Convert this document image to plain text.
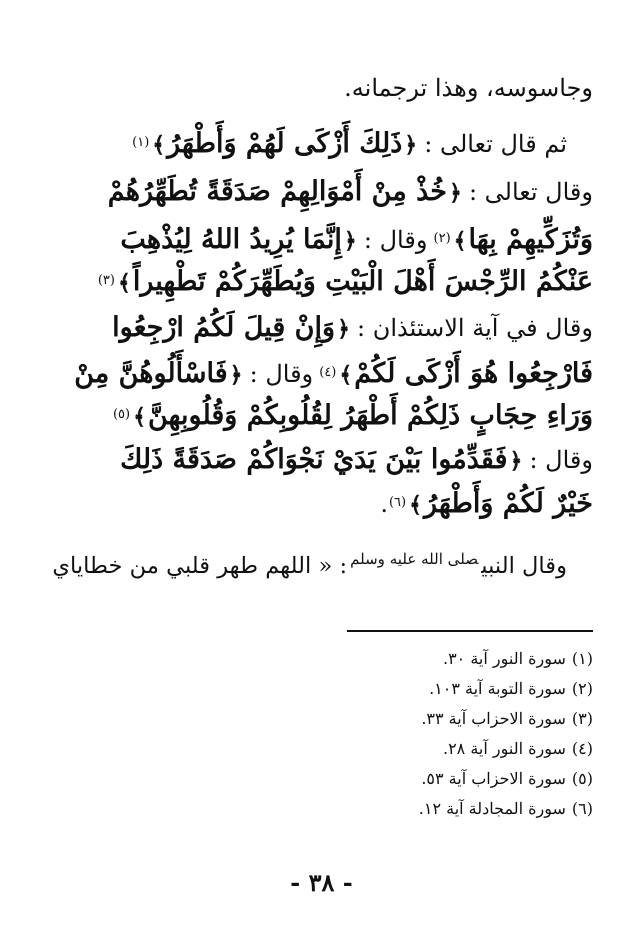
وجاسوسه، وهذا ترجمانه.
ثم قال تعالى : ﴿ذَلِكَ أَزْكَى لَهُمْ وَأَطْهَرُ﴾$^{(١)}$
وقال تعالى : ﴿خُذْ مِنْ أَمْوَالِهِمْ صَدَقَةً تُطَهِّرُهُمْ
وَتُزَكِّيهِمْ بِهَا﴾$^{(٢)}$ وقال : ﴿إِنَّمَا يُرِيدُ اللهُ لِيُذْهِبَ
عَنْكُمُ الرِّجْسَ أَهْلَ الْبَيْتِ وَيُطَهِّرَكُمْ تَطْهِيراً﴾$^{(٣)}$
وقال في آية الاستئذان : ﴿وَإِنْ قِيلَ لَكُمُ ارْجِعُوا
فَارْجِعُوا هُوَ أَزْكَى لَكُمْ﴾$^{(٤)}$ وقال : ﴿فَاسْأَلُوهُنَّ مِنْ
وَرَاءِ حِجَابٍ ذَلِكُمْ أَطْهَرُ لِقُلُوبِكُمْ وَقُلُوبِهِنَّ﴾$^{(٥)}$
وقال : ﴿فَقَدِّمُوا بَيْنَ يَدَيْ نَجْوَاكُمْ صَدَقَةً ذَلِكَ
خَيْرٌ لَكُمْ وَأَطْهَرُ﴾$^{(٦)}$.
وقال النبي$^{صلى الله عليه وسلم}$: « اللهم طهر قلبي من خطاياي
(١)سورة النور آية ٣٠.
(٢)سورة التوبة آية ١٠٣.
(٣)سورة الاحزاب آية ٣٣.
(٤)سورة النور آية ٢٨.
(٥)سورة الاحزاب آية ٥٣.
(٦)سورة المجادلة آية ١٢.
- ٣٨ -
